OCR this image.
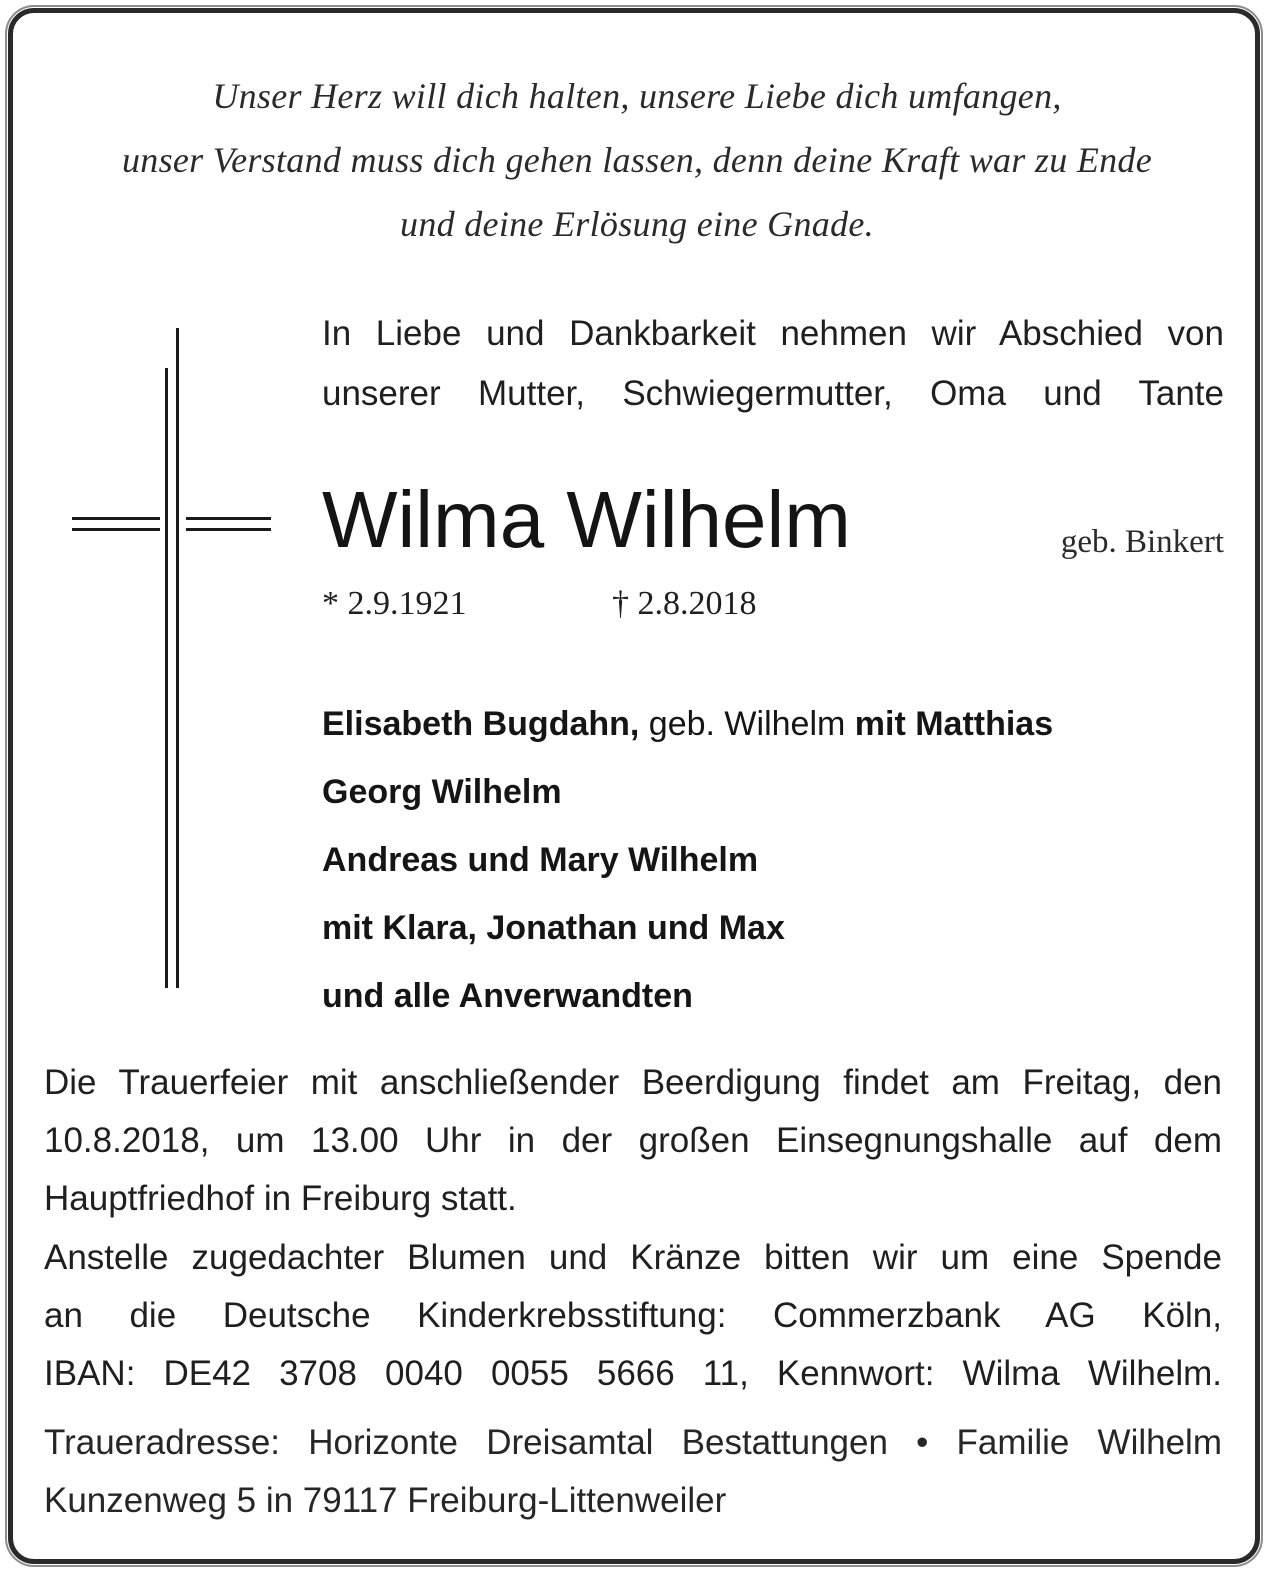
Unser Herz will dich halten, unsere Liebe dich umfangen,
unser Verstand muss dich gehen lassen, denn deine Kraft war zu Ende
und deine Erlösung eine Gnade.
In Liebe und Dankbarkeit nehmen wir Abschied von
unserer Mutter, Schwiegermutter, Oma und Tante
Wilma Wilhelm	geb. Binkert
* 2.9.1921	† 2.8.2018
Elisabeth Bugdahn, geb. Wilhelm mit Matthias
Georg Wilhelm
Andreas und Mary Wilhelm
mit Klara, Jonathan und Max
und alle Anverwandten
Die Trauerfeier mit anschließender Beerdigung findet am Freitag, den
10.8.2018, um 13.00 Uhr in der großen Einsegnungshalle auf dem
Hauptfriedhof in Freiburg statt.
Anstelle zugedachter Blumen und Kränze bitten wir um eine Spende
an die Deutsche Kinderkrebsstiftung: Commerzbank AG Köln,
IBAN: DE42 3708 0040 0055 5666 11, Kennwort: Wilma Wilhelm.
Traueradresse: Horizonte Dreisamtal Bestattungen • Familie Wilhelm
Kunzenweg 5 in 79117 Freiburg-Littenweiler
